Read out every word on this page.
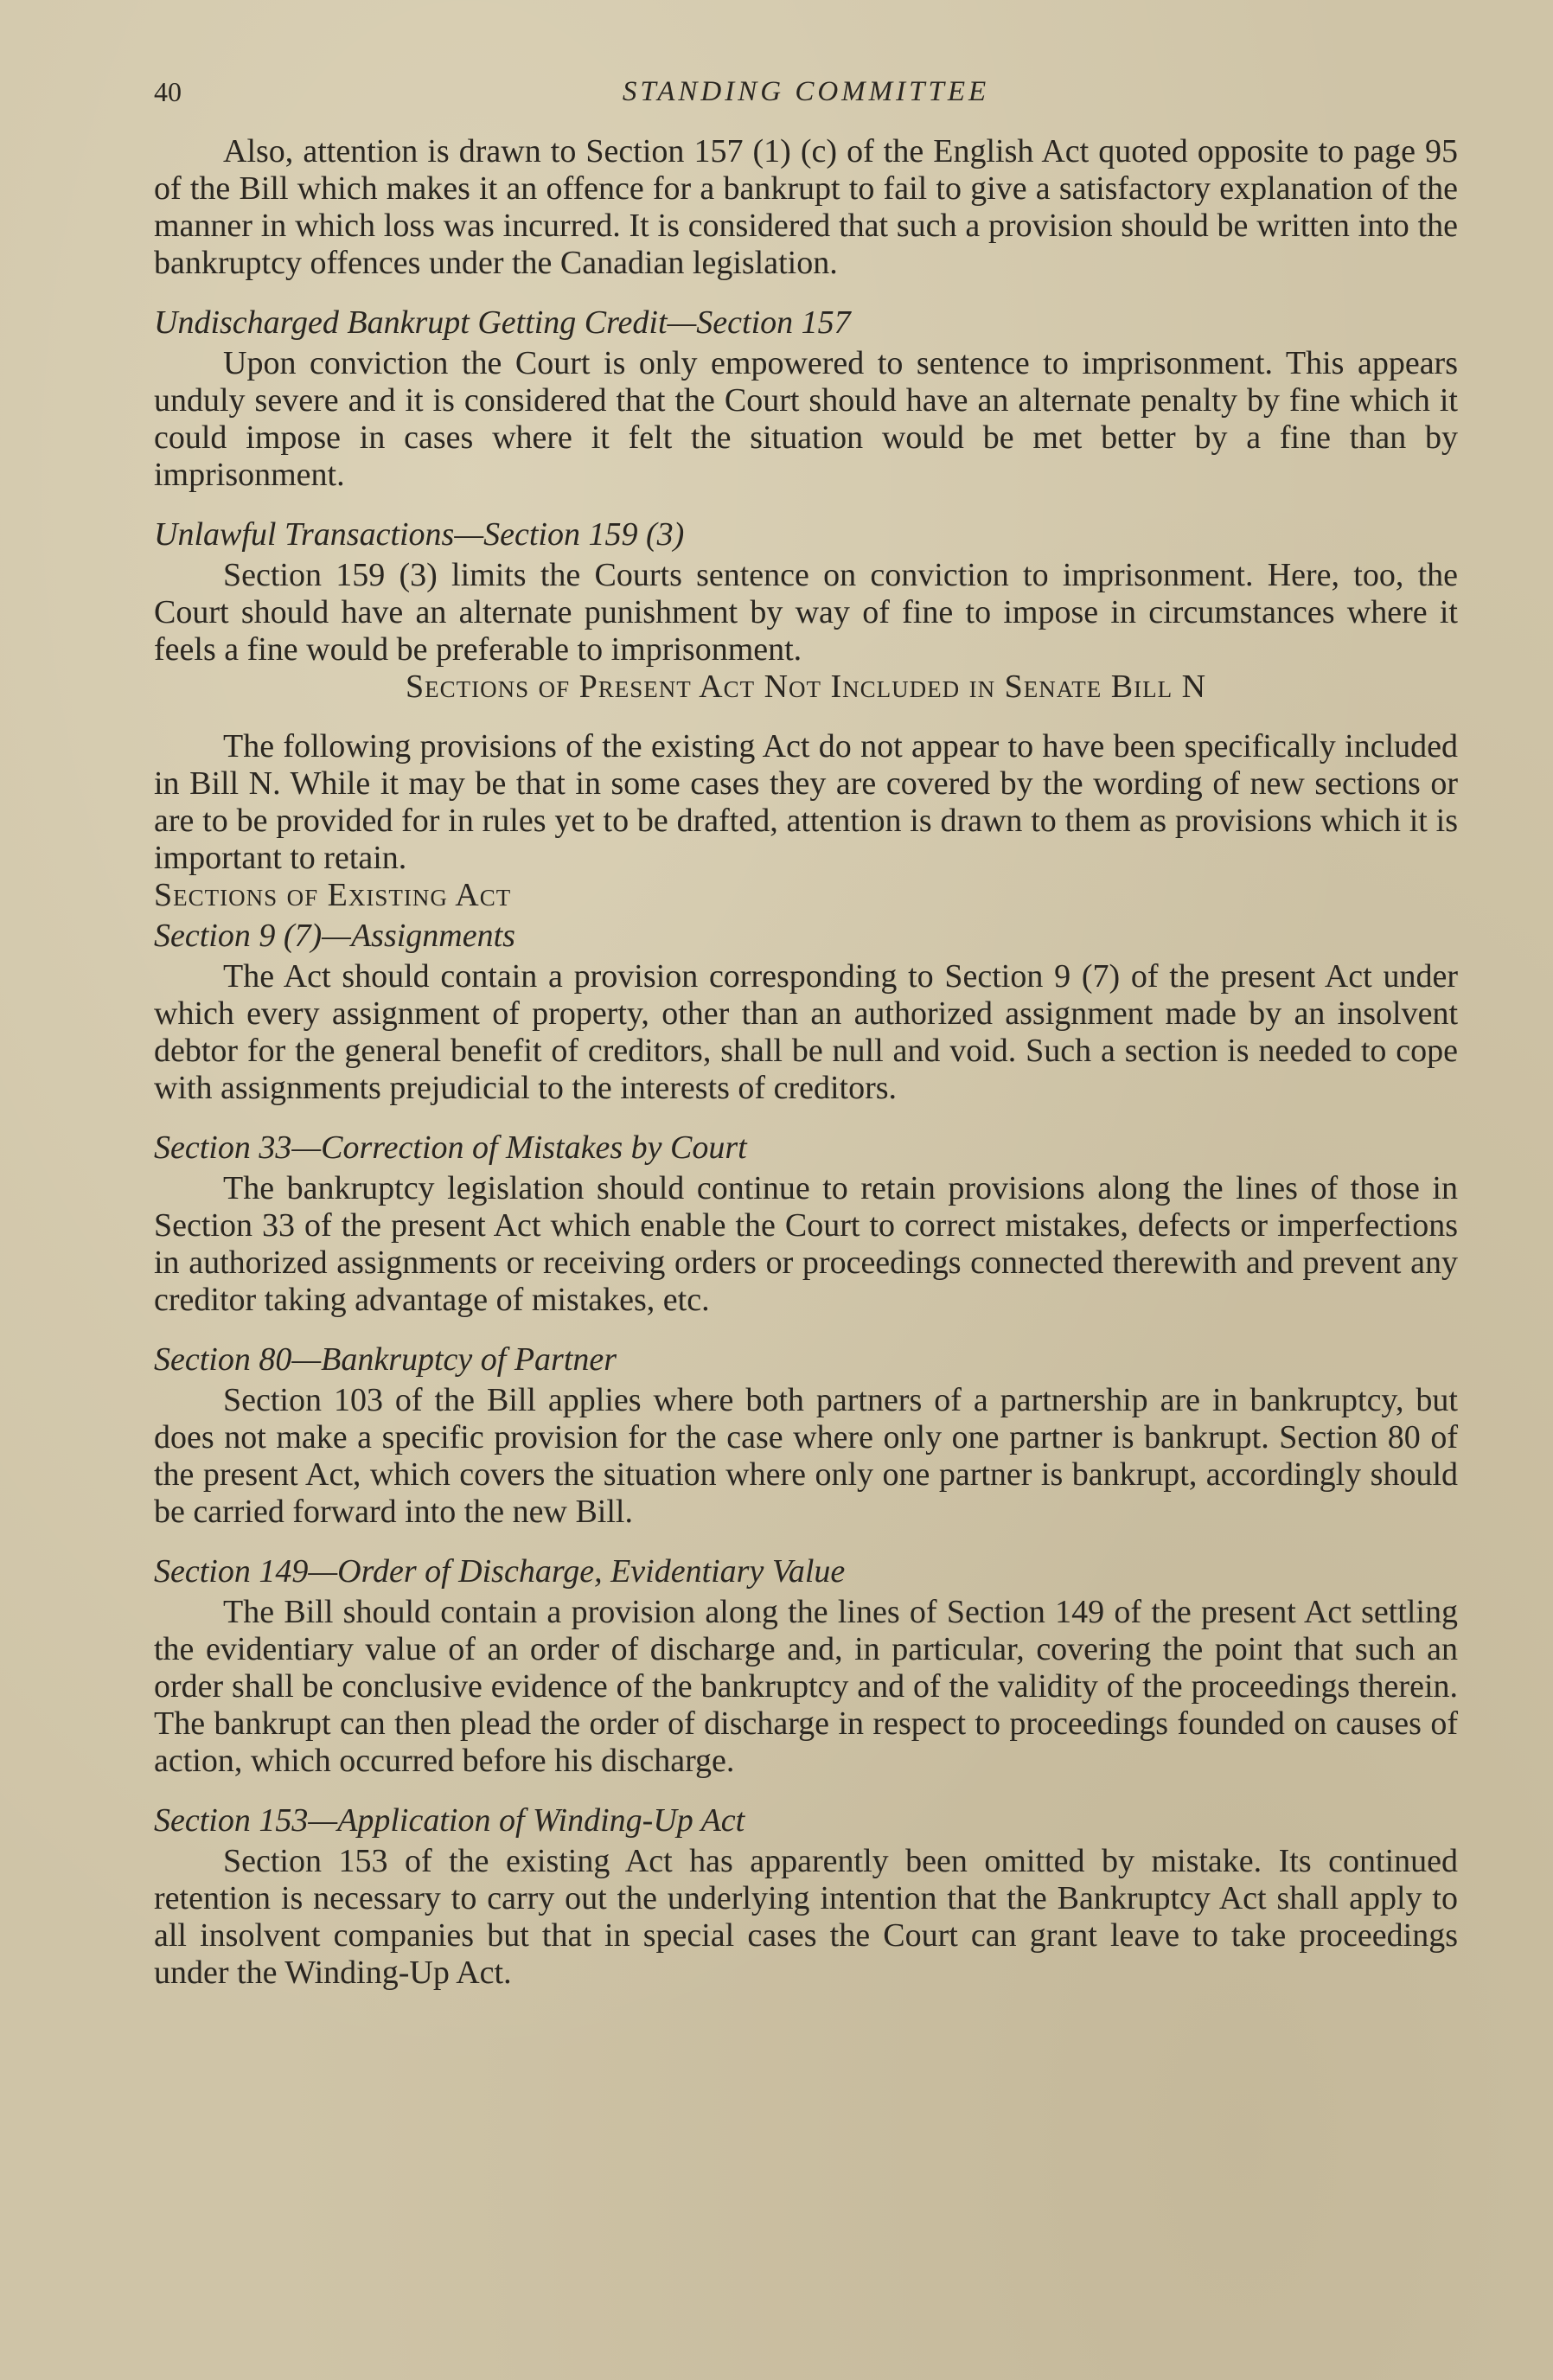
40	STANDING COMMITTEE

Also, attention is drawn to Section 157 (1) (c) of the English Act quoted opposite to page 95 of the Bill which makes it an offence for a bankrupt to fail to give a satisfactory explanation of the manner in which loss was incurred. It is considered that such a provision should be written into the bankruptcy offences under the Canadian legislation.

Undischarged Bankrupt Getting Credit—Section 157

Upon conviction the Court is only empowered to sentence to imprisonment. This appears unduly severe and it is considered that the Court should have an alternate penalty by fine which it could impose in cases where it felt the situation would be met better by a fine than by imprisonment.

Unlawful Transactions—Section 159 (3)

Section 159 (3) limits the Courts sentence on conviction to imprisonment. Here, too, the Court should have an alternate punishment by way of fine to impose in circumstances where it feels a fine would be preferable to imprisonment.

Sections of Present Act Not Included in Senate Bill N

The following provisions of the existing Act do not appear to have been specifically included in Bill N. While it may be that in some cases they are covered by the wording of new sections or are to be provided for in rules yet to be drafted, attention is drawn to them as provisions which it is important to retain.

Sections of Existing Act
Section 9 (7)—Assignments

The Act should contain a provision corresponding to Section 9 (7) of the present Act under which every assignment of property, other than an authorized assignment made by an insolvent debtor for the general benefit of creditors, shall be null and void. Such a section is needed to cope with assignments prejudicial to the interests of creditors.

Section 33—Correction of Mistakes by Court

The bankruptcy legislation should continue to retain provisions along the lines of those in Section 33 of the present Act which enable the Court to correct mistakes, defects or imperfections in authorized assignments or receiving orders or proceedings connected therewith and prevent any creditor taking advantage of mistakes, etc.

Section 80—Bankruptcy of Partner

Section 103 of the Bill applies where both partners of a partnership are in bankruptcy, but does not make a specific provision for the case where only one partner is bankrupt. Section 80 of the present Act, which covers the situation where only one partner is bankrupt, accordingly should be carried forward into the new Bill.

Section 149—Order of Discharge, Evidentiary Value

The Bill should contain a provision along the lines of Section 149 of the present Act settling the evidentiary value of an order of discharge and, in particular, covering the point that such an order shall be conclusive evidence of the bankruptcy and of the validity of the proceedings therein. The bankrupt can then plead the order of discharge in respect to proceedings founded on causes of action, which occurred before his discharge.

Section 153—Application of Winding-Up Act

Section 153 of the existing Act has apparently been omitted by mistake. Its continued retention is necessary to carry out the underlying intention that the Bankruptcy Act shall apply to all insolvent companies but that in special cases the Court can grant leave to take proceedings under the Winding-Up Act.
